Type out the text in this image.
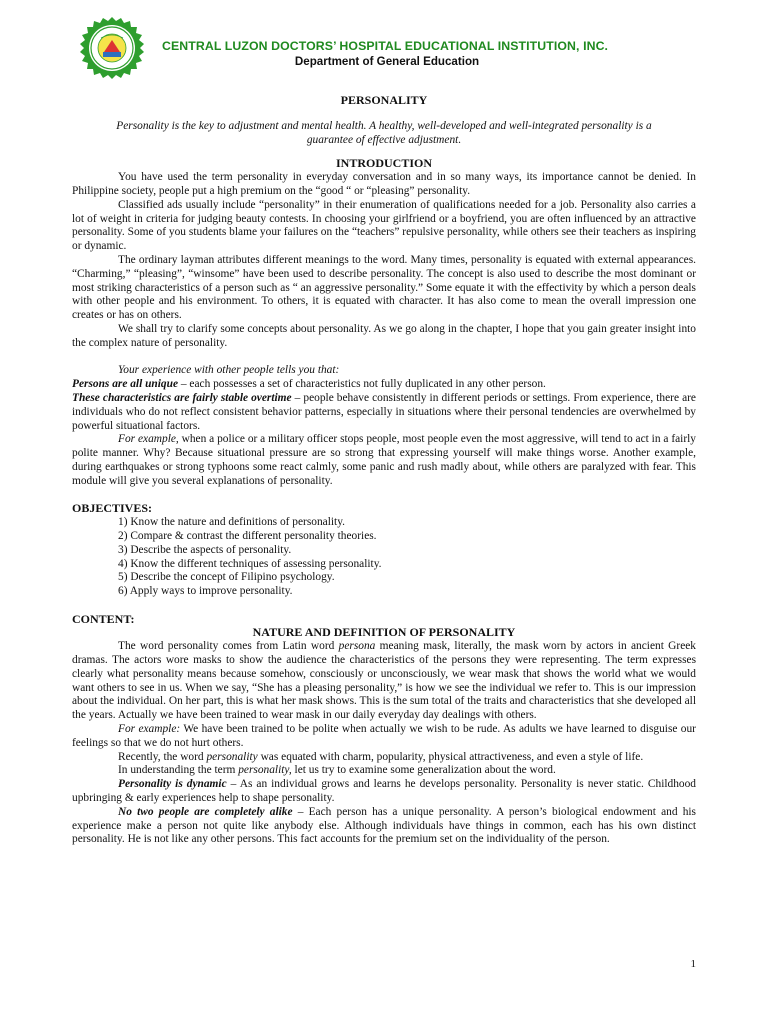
CENTRAL LUZON DOCTORS’ HOSPITAL EDUCATIONAL INSTITUTION, INC.
Department of General Education
PERSONALITY
Personality is the key to adjustment and mental health. A healthy, well-developed and well-integrated personality is a guarantee of effective adjustment.
INTRODUCTION

You have used the term personality in everyday conversation and in so many ways, its importance cannot be denied. In Philippine society, people put a high premium on the “good “ or “pleasing” personality.

Classified ads usually include “personality” in their enumeration of qualifications needed for a job. Personality also carries a lot of weight in criteria for judging beauty contests. In choosing your girlfriend or a boyfriend, you are often influenced by an attractive personality. Some of you students blame your failures on the “teachers” repulsive personality, while others see their teachers as inspiring or dynamic.

The ordinary layman attributes different meanings to the word. Many times, personality is equated with external appearances. “Charming,” “pleasing”, “winsome” have been used to describe personality. The concept is also used to describe the most dominant or most striking characteristics of a person such as “ an aggressive personality.” Some equate it with the effectivity by which a person deals with other people and his environment. To others, it is equated with character. It has also come to mean the overall impression one creates or has on others.

We shall try to clarify some concepts about personality. As we go along in the chapter, I hope that you gain greater insight into the complex nature of personality.

Your experience with other people tells you that:

Persons are all unique – each possesses a set of characteristics not fully duplicated in any other person.

These characteristics are fairly stable overtime – people behave consistently in different periods or settings. From experience, there are individuals who do not reflect consistent behavior patterns, especially in situations where their personal tendencies are overwhelmed by powerful situational factors.

For example, when a police or a military officer stops people, most people even the most aggressive, will tend to act in a fairly polite manner. Why? Because situational pressure are so strong that expressing yourself will make things worse. Another example, during earthquakes or strong typhoons some react calmly, some panic and rush madly about, while others are paralyzed with fear. This module will give you several explanations of personality.

OBJECTIVES:
1) Know the nature and definitions of personality.
2) Compare & contrast the different personality theories.
3) Describe the aspects of personality.
4) Know the different techniques of assessing personality.
5) Describe the concept of Filipino psychology.
6) Apply ways to improve personality.
CONTENT:
NATURE AND DEFINITION OF PERSONALITY

The word personality comes from Latin word persona meaning mask, literally, the mask worn by actors in ancient Greek dramas. The actors wore masks to show the audience the characteristics of the persons they were representing. The term expresses clearly what personality means because somehow, consciously or unconsciously, we wear mask that shows the world what we would want others to see in us. When we say, “She has a pleasing personality,” is how we see the individual we refer to. This is our impression about the individual. On her part, this is what her mask shows. This is the sum total of the traits and characteristics that she developed all the years. Actually we have been trained to wear mask in our daily everyday day dealings with others.

For example: We have been trained to be polite when actually we wish to be rude. As adults we have learned to disguise our feelings so that we do not hurt others.

Recently, the word personality was equated with charm, popularity, physical attractiveness, and even a style of life.

In understanding the term personality, let us try to examine some generalization about the word.

Personality is dynamic – As an individual grows and learns he develops personality. Personality is never static. Childhood upbringing & early experiences help to shape personality.

No two people are completely alike – Each person has a unique personality. A person’s biological endowment and his experience make a person not quite like anybody else. Although individuals have things in common, each has his own distinct personality. He is not like any other persons. This fact accounts for the premium set on the individuality of the person.

1
